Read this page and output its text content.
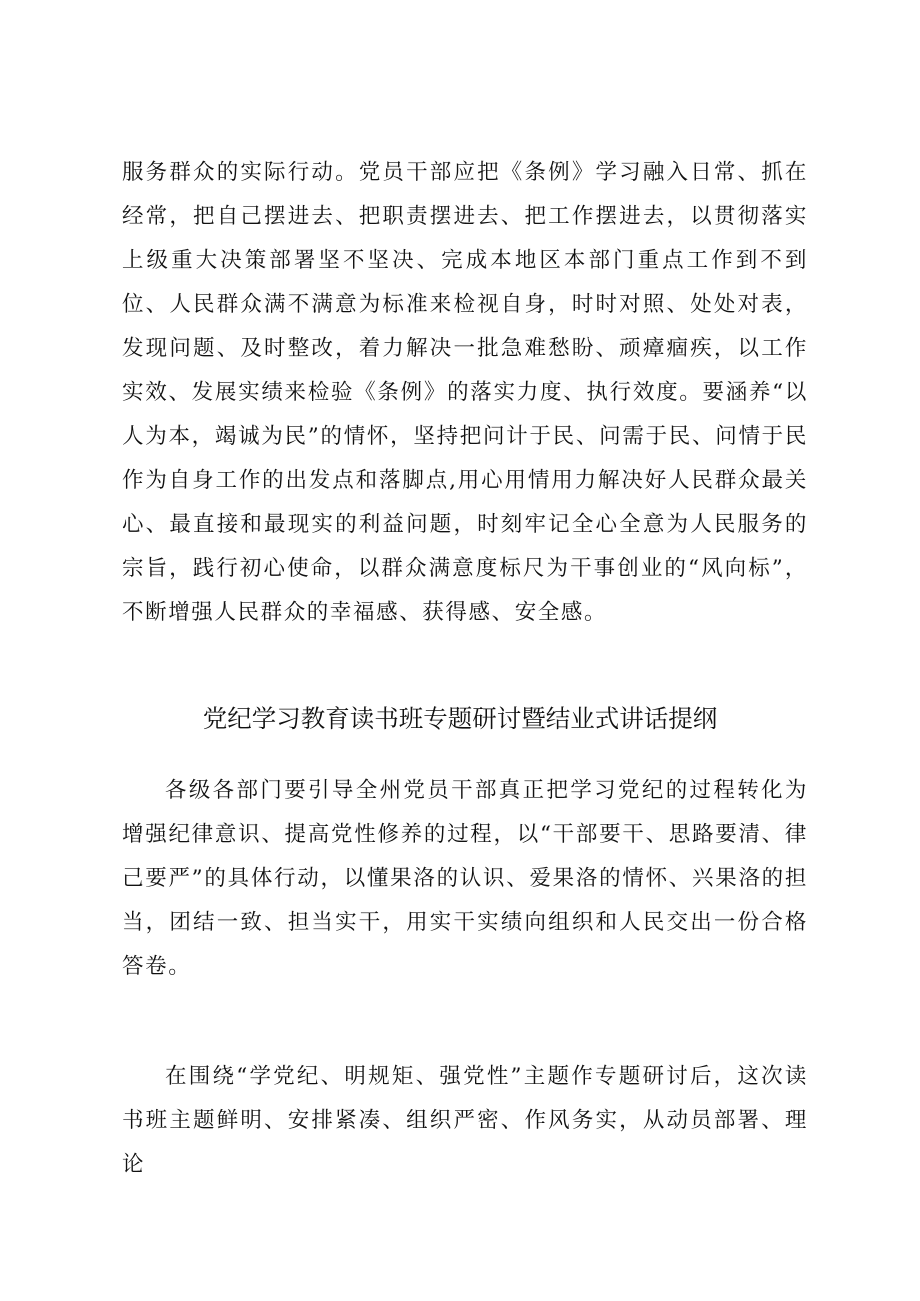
服务群众的实际行动。党员干部应把《条例》学习融入日常、抓在经常，把自己摆进去、把职责摆进去、把工作摆进去，以贯彻落实上级重大决策部署坚不坚决、完成本地区本部门重点工作到不到位、人民群众满不满意为标准来检视自身，时时对照、处处对表，发现问题、及时整改，着力解决一批急难愁盼、顽瘴痼疾，以工作实效、发展实绩来检验《条例》的落实力度、执行效度。要涵养“以人为本，竭诚为民”的情怀，坚持把问计于民、问需于民、问情于民作为自身工作的出发点和落脚点,用心用情用力解决好人民群众最关心、最直接和最现实的利益问题，时刻牢记全心全意为人民服务的宗旨，践行初心使命，以群众满意度标尺为干事创业的“风向标”，不断增强人民群众的幸福感、获得感、安全感。

党纪学习教育读书班专题研讨暨结业式讲话提纲

各级各部门要引导全州党员干部真正把学习党纪的过程转化为增强纪律意识、提高党性修养的过程，以“干部要干、思路要清、律己要严”的具体行动，以懂果洛的认识、爱果洛的情怀、兴果洛的担当，团结一致、担当实干，用实干实绩向组织和人民交出一份合格答卷。

在围绕“学党纪、明规矩、强党性”主题作专题研讨后，这次读书班主题鲜明、安排紧凑、组织严密、作风务实，从动员部署、理论
